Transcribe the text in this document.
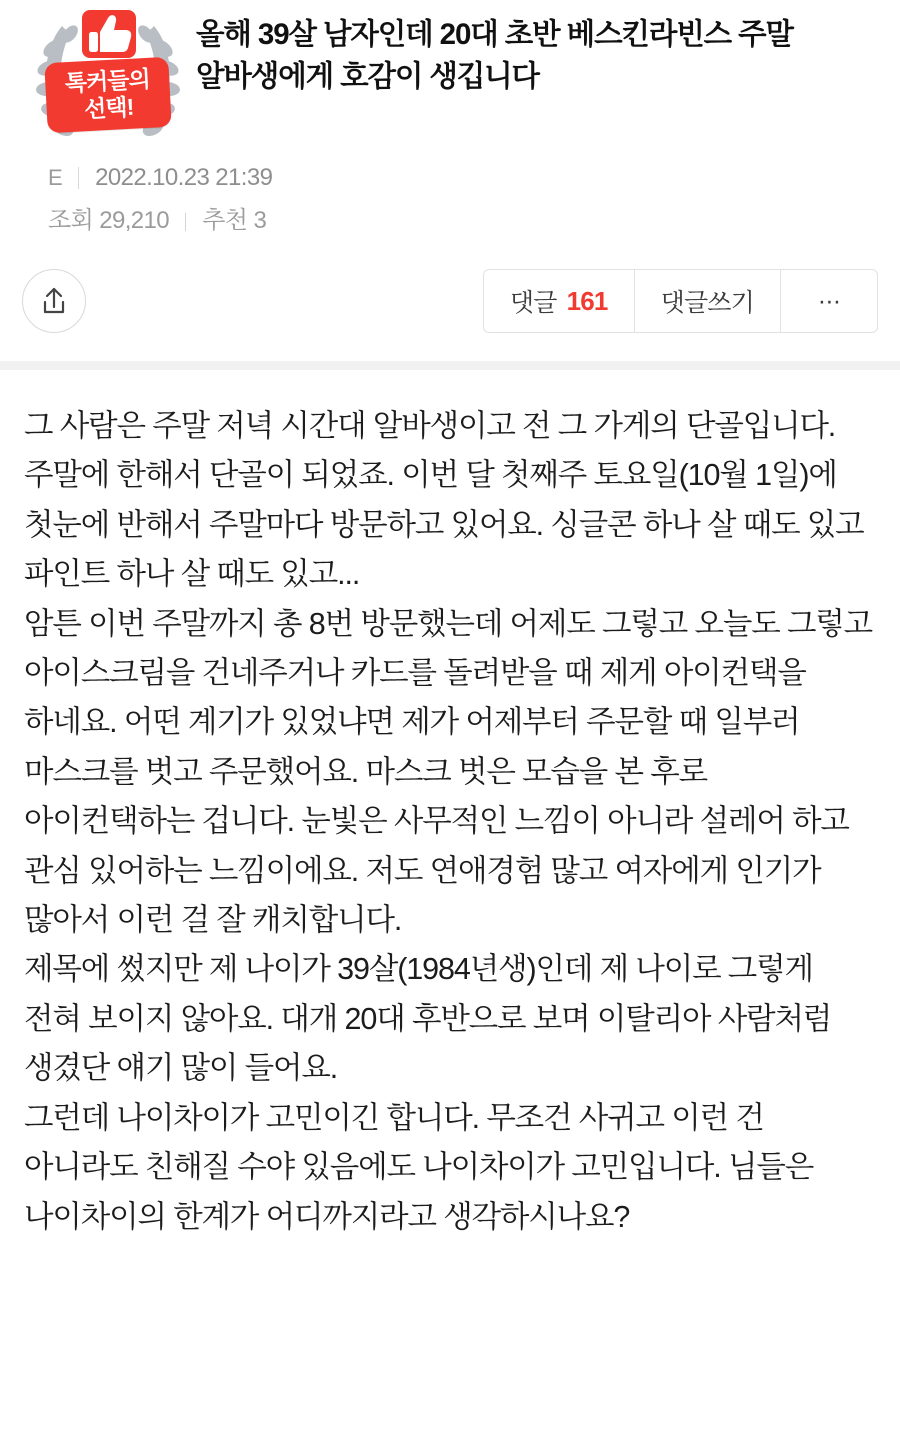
톡커들의
선택!
올해 39살 남자인데 20대 초반 베스킨라빈스 주말 알바생에게 호감이 생깁니다
E 2022.10.23 21:39
조회 29,210 추천 3
댓글 161	댓글쓰기	···

그 사람은 주말 저녁 시간대 알바생이고 전 그 가게의 단골입니다. 주말에 한해서 단골이 되었죠. 이번 달 첫째주 토요일(10월 1일)에 첫눈에 반해서 주말마다 방문하고 있어요. 싱글콘 하나 살 때도 있고 파인트 하나 살 때도 있고...

암튼 이번 주말까지 총 8번 방문했는데 어제도 그렇고 오늘도 그렇고 아이스크림을 건네주거나 카드를 돌려받을 때 제게 아이컨택을 하네요. 어떤 계기가 있었냐면 제가 어제부터 주문할 때 일부러 마스크를 벗고 주문했어요. 마스크 벗은 모습을 본 후로 아이컨택하는 겁니다. 눈빛은 사무적인 느낌이 아니라 설레어 하고 관심 있어하는 느낌이에요. 저도 연애경험 많고 여자에게 인기가 많아서 이런 걸 잘 캐치합니다.

제목에 썼지만 제 나이가 39살(1984년생)인데 제 나이로 그렇게 전혀 보이지 않아요. 대개 20대 후반으로 보며 이탈리아 사람처럼 생겼단 얘기 많이 들어요.

그런데 나이차이가 고민이긴 합니다. 무조건 사귀고 이런 건 아니라도 친해질 수야 있음에도 나이차이가 고민입니다. 님들은 나이차이의 한계가 어디까지라고 생각하시나요?
